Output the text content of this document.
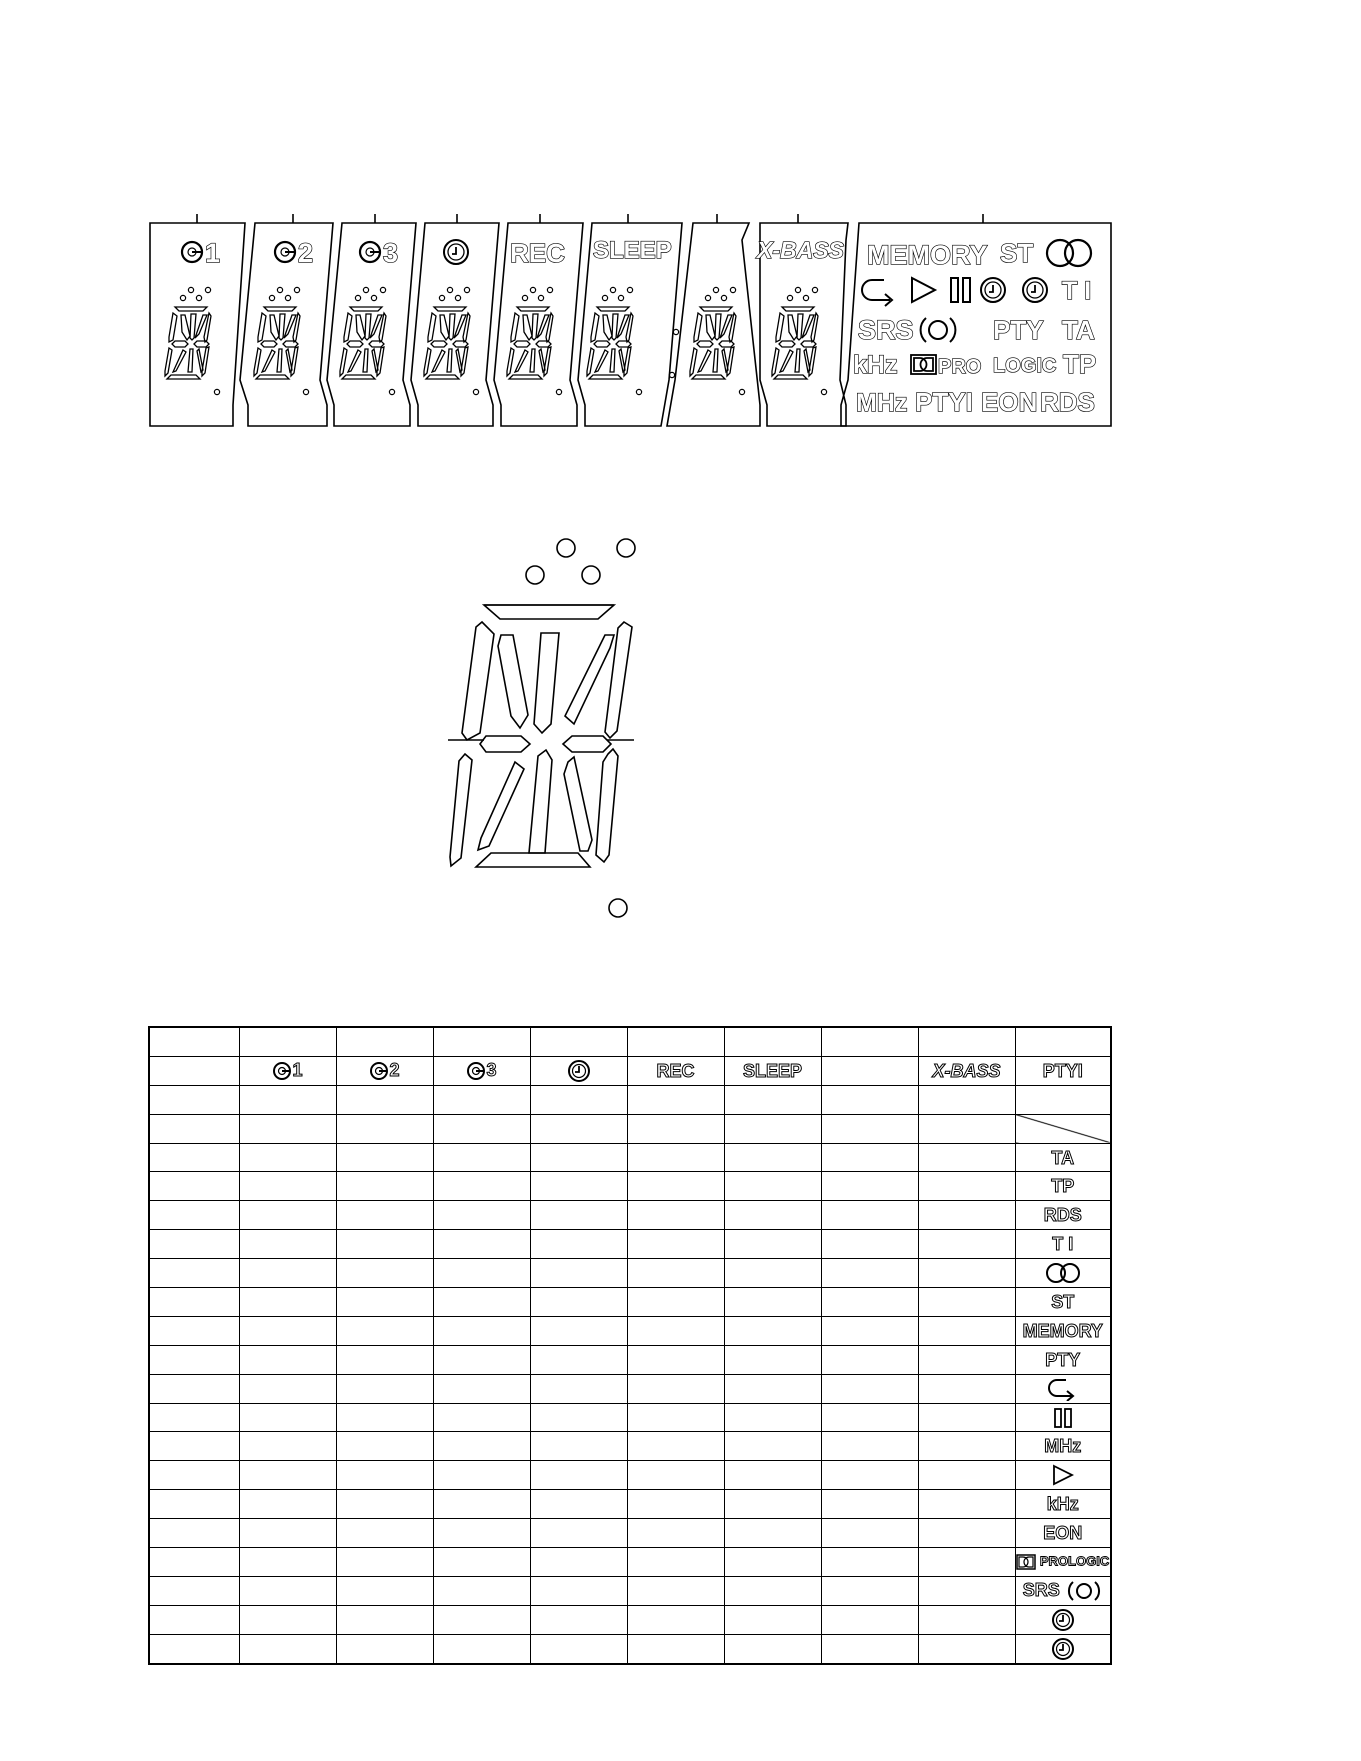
1	2	3	REC SLEEP	X-BASS MEMORY ST
T I
SRS	PTY TA
kHz PRO LOGIC TP
MHz PTYI EON RDS

	1	2	3		REC	SLEEP		X-BASS	PTYI

									TA
									TP
									RDS
									T I

									ST
									MEMORY
									PTY

									MHz

									kHz
									EON
									PROLOGIC
									SRS
